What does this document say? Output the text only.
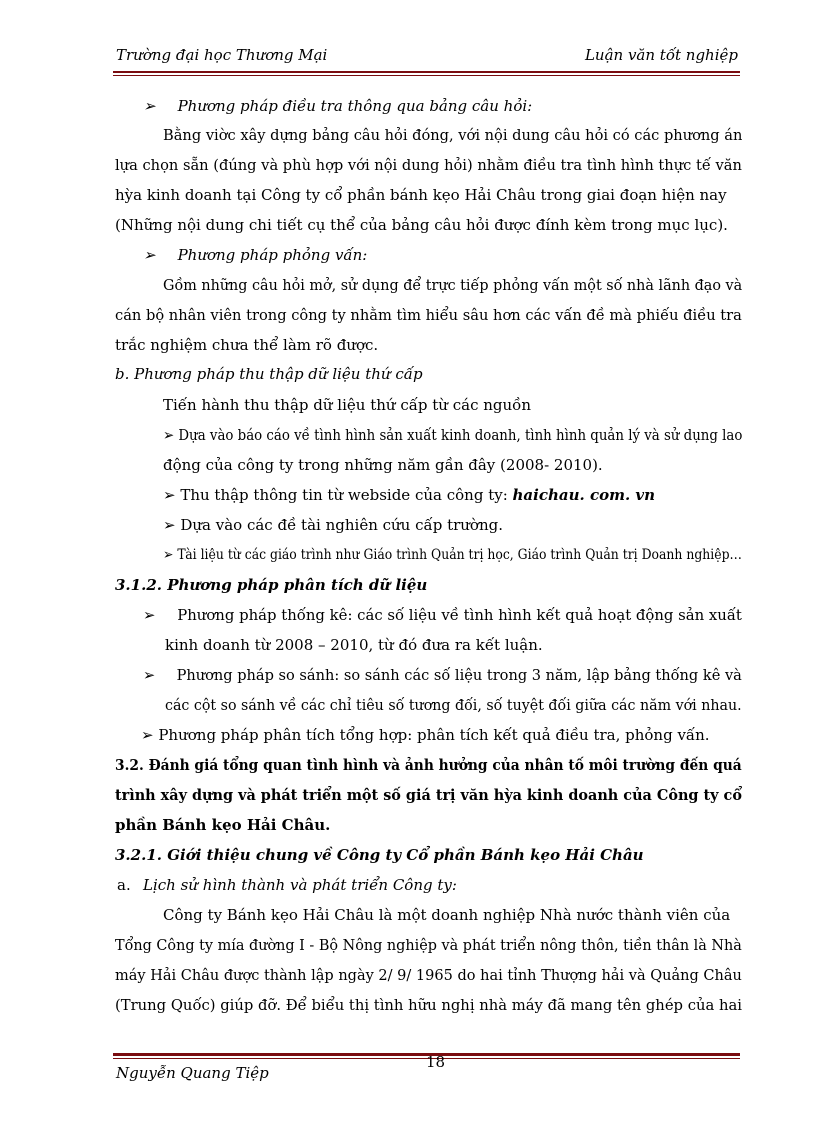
Trường đại học Thương Mại	Luận văn tốt nghiệp
➢ Phương pháp điều tra thông qua bảng câu hỏi:
Bằng viờc xây dựng bảng câu hỏi đóng, với nội dung câu hỏi có các phương án
lựa chọn sẵn (đúng và phù hợp với nội dung hỏi) nhằm điều tra tình hình thực tế văn
hỳa kinh doanh tại Công ty cổ phần bánh kẹo Hải Châu trong giai đoạn hiện nay
(Những nội dung chi tiết cụ thể của bảng câu hỏi được đính kèm trong mục lục).
➢ Phương pháp phỏng vấn:
Gồm những câu hỏi mở, sử dụng để trực tiếp phỏng vấn một số nhà lãnh đạo và
cán bộ nhân viên trong công ty nhằm tìm hiểu sâu hơn các vấn đề mà phiếu điều tra
trắc nghiệm chưa thể làm rõ được.
b. Phương pháp thu thập dữ liệu thứ cấp
Tiến hành thu thập dữ liệu thứ cấp từ các nguồn
➢ Dựa vào báo cáo về tình hình sản xuất kinh doanh, tình hình quản lý và sử dụng lao
động của công ty trong những năm gần đây (2008- 2010).
➢ Thu thập thông tin từ webside của công ty: haichau. com. vn
➢ Dựa vào các đề tài nghiên cứu cấp trường.
➢ Tài liệu từ các giáo trình như Giáo trình Quản trị học, Giáo trình Quản trị Doanh nghiệp…
3.1.2. Phương pháp phân tích dữ liệu
➢ Phương pháp thống kê: các số liệu về tình hình kết quả hoạt động sản xuất
kinh doanh từ 2008 – 2010, từ đó đưa ra kết luận.
➢ Phương pháp so sánh: so sánh các số liệu trong 3 năm, lập bảng thống kê và
các cột so sánh về các chỉ tiêu số tương đối, số tuyệt đối giữa các năm với nhau.
➢ Phương pháp phân tích tổng hợp: phân tích kết quả điều tra, phỏng vấn.
3.2. Đánh giá tổng quan tình hình và ảnh hưởng của nhân tố môi trường đến quá
trình xây dựng và phát triển một số giá trị văn hỳa kinh doanh của Công ty cổ
phần Bánh kẹo Hải Châu.
3.2.1. Giới thiệu chung về Công ty Cổ phần Bánh kẹo Hải Châu
a. Lịch sử hình thành và phát triển Công ty:
Công ty Bánh kẹo Hải Châu là một doanh nghiệp Nhà nước thành viên của
Tổng Công ty mía đường I - Bộ Nông nghiệp và phát triển nông thôn, tiền thân là Nhà
máy Hải Châu được thành lập ngày 2/ 9/ 1965 do hai tỉnh Thượng hải và Quảng Châu
(Trung Quốc) giúp đỡ. Để biểu thị tình hữu nghị nhà máy đã mang tên ghép của hai
18
Nguyễn Quang Tiệp
